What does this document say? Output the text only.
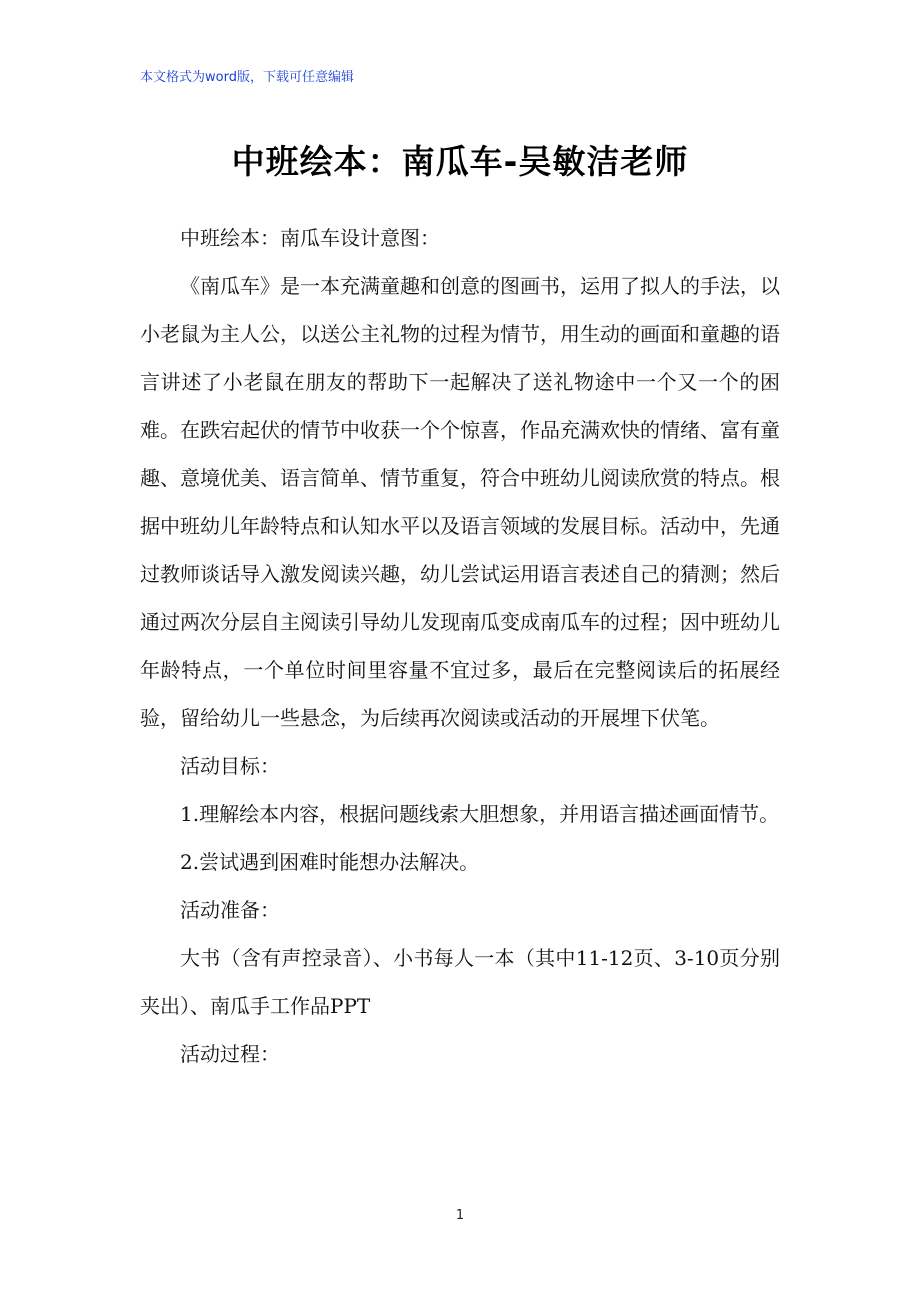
本文格式为word版，下载可任意编辑
中班绘本：南瓜车-吴敏洁老师

中班绘本：南瓜车设计意图：

《南瓜车》是一本充满童趣和创意的图画书，运用了拟人的手法，以小老鼠为主人公，以送公主礼物的过程为情节，用生动的画面和童趣的语言讲述了小老鼠在朋友的帮助下一起解决了送礼物途中一个又一个的困难。在跌宕起伏的情节中收获一个个惊喜，作品充满欢快的情绪、富有童趣、意境优美、语言简单、情节重复，符合中班幼儿阅读欣赏的特点。根据中班幼儿年龄特点和认知水平以及语言领域的发展目标。活动中，先通过教师谈话导入激发阅读兴趣，幼儿尝试运用语言表述自己的猜测；然后通过两次分层自主阅读引导幼儿发现南瓜变成南瓜车的过程；因中班幼儿年龄特点，一个单位时间里容量不宜过多，最后在完整阅读后的拓展经验，留给幼儿一些悬念，为后续再次阅读或活动的开展埋下伏笔。

活动目标：

1.理解绘本内容，根据问题线索大胆想象，并用语言描述画面情节。

2.尝试遇到困难时能想办法解决。

活动准备：

大书（含有声控录音）、小书每人一本（其中11-12页、3-10页分别夹出）、南瓜手工作品PPT

活动过程：

1
